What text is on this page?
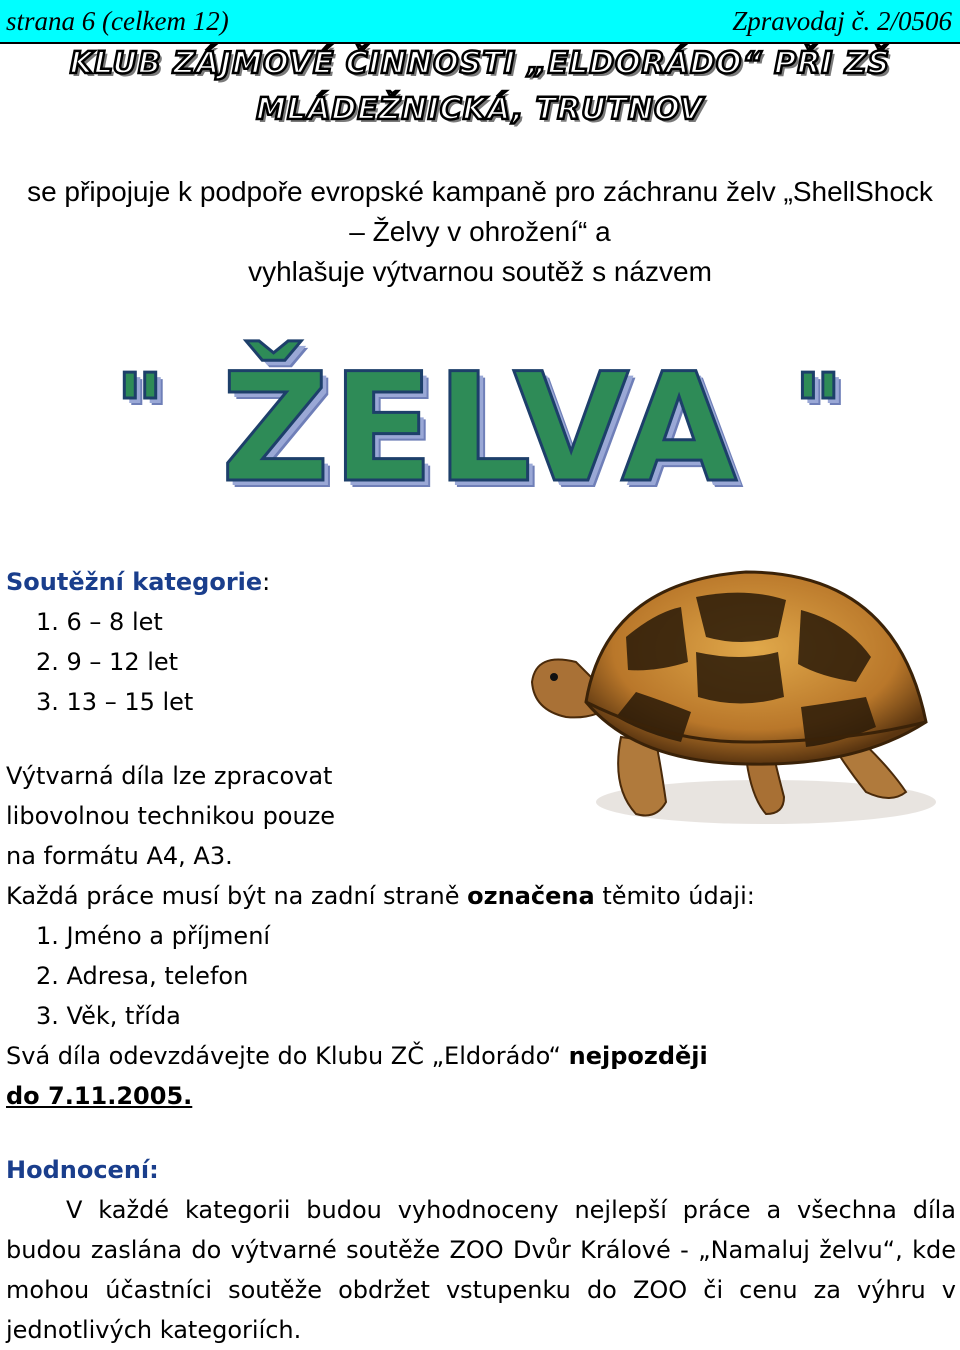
strana 6 (celkem 12)	Zpravodaj č. 2/0506
KLUB ZÁJMOVÉ ČINNOSTI „ELDORÁDO“ PŘI ZŠ
MLÁDEŽNICKÁ, TRUTNOV
se připojuje k podpoře evropské kampaně pro záchranu želv „ShellShock
– Želvy v ohrožení“ a
vyhlašuje výtvarnou soutěž s názvem
" ŽELVA "
Soutěžní kategorie:
1. 6 – 8 let
2. 9 – 12 let
3. 13 – 15 let
Výtvarná díla lze zpracovat
libovolnou technikou pouze
na formátu A4, A3.
Každá práce musí být na zadní straně označena těmito údaji:
1. Jméno a příjmení
2. Adresa, telefon
3. Věk, třída
Svá díla odevzdávejte do Klubu ZČ „Eldorádo“ nejpozději
do 7.11.2005.
Hodnocení:
V každé kategorii budou vyhodnoceny nejlepší práce a všechna díla budou zaslána do výtvarné soutěže ZOO Dvůr Králové - „Namaluj želvu“, kde mohou účastníci soutěže obdržet vstupenku do ZOO či cenu za výhru v jednotlivých kategoriích.
